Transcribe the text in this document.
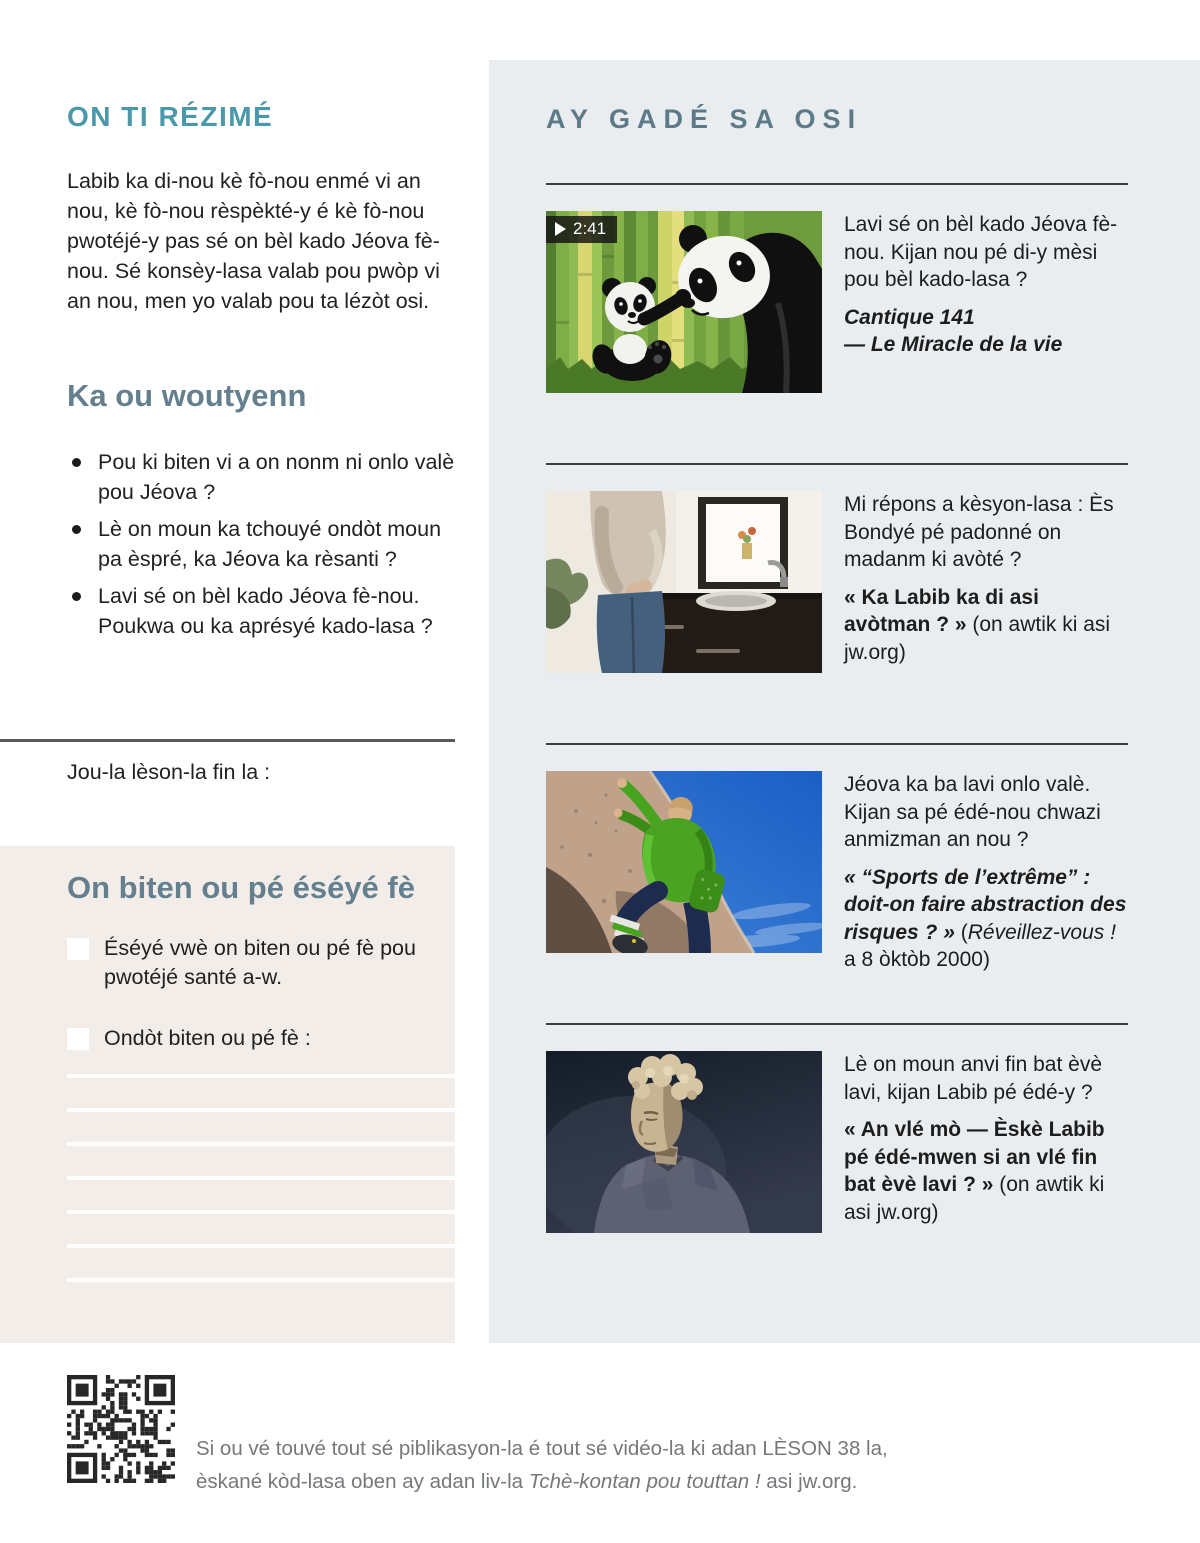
ON TI RÉZIMÉ

Labib ka di-nou kè fò-nou enmé vi an nou, kè fò-nou rèspèkté-y é kè fò-nou pwotéjé-y pas sé on bèl kado Jéova fè-nou. Sé konsèy-lasa valab pou pwòp vi an nou, men yo valab pou ta lézòt osi.

Ka ou woutyenn
Pou ki biten vi a on nonm ni onlo valè pou Jéova ?
Lè on moun ka tchouyé ondòt moun pa èspré, ka Jéova ka rèsanti ?
Lavi sé on bèl kado Jéova fè-nou. Poukwa ou ka aprésyé kado-lasa ?

Jou-la lèson-la fin la :

On biten ou pé éséyé fè

Éséyé vwè on biten ou pé fè pou pwotéjé santé a-w.

Ondòt biten ou pé fè :

AY GADÉ SA OSI
2:41	Lavi sé on bèl kado Jéova fè-nou. Kijan nou pé di-y mèsi pou bèl kado-lasa ?

Cantique 141
— Le Miracle de la vie

Mi répons a kèsyon-lasa : Ès Bondyé pé padonné on madanm ki avòté ?

« Ka Labib ka di asi avòtman ? » (on awtik ki asi jw.org)

Jéova ka ba lavi onlo valè. Kijan sa pé édé-nou chwazi anmizman an nou ?

« “Sports de l’extrême” : doit-on faire abstraction des risques ? » (Réveillez-vous ! a 8 òktòb 2000)

Lè on moun anvi fin bat èvè lavi, kijan Labib pé édé-y ?

« An vlé mò — Èskè Labib pé édé-mwen si an vlé fin bat èvè lavi ? » (on awtik ki asi jw.org)

Si ou vé touvé tout sé piblikasyon-la é tout sé vidéo-la ki adan LÈSON 38 la,
èskané kòd-lasa oben ay adan liv-la Tchè-kontan pou touttan ! asi jw.org.
